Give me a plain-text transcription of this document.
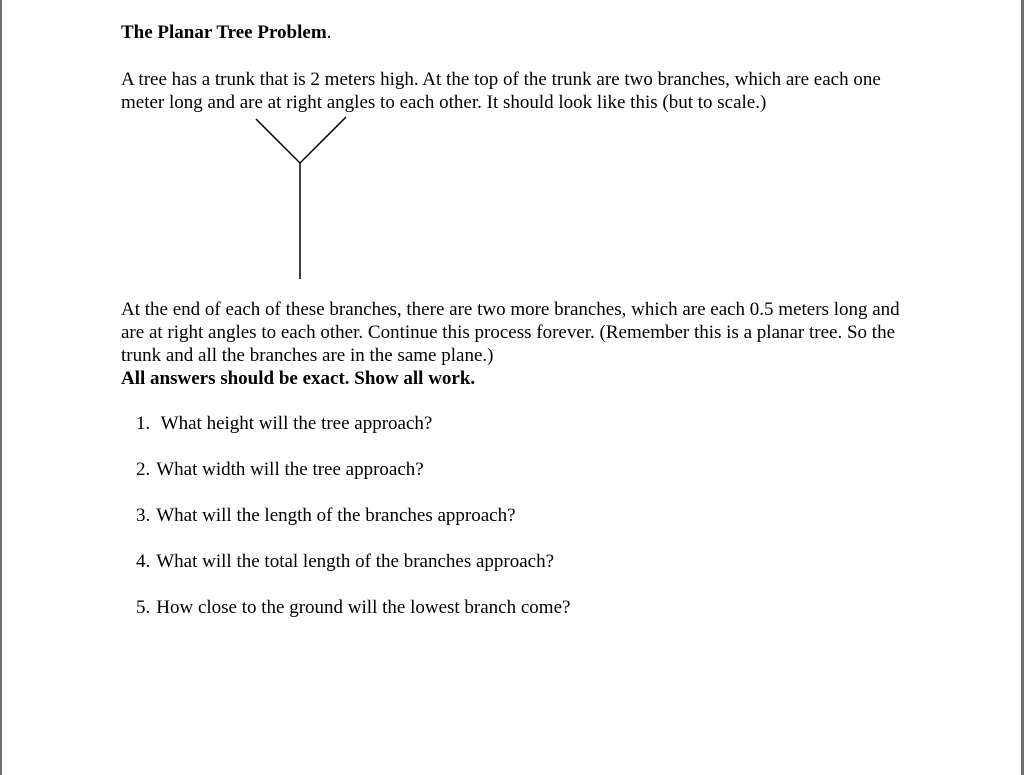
The Planar Tree Problem.

A tree has a trunk that is 2 meters high. At the top of the trunk are two branches, which are each one meter long and are at right angles to each other. It should look like this (but to scale.)

At the end of each of these branches, there are two more branches, which are each 0.5 meters long and are at right angles to each other. Continue this process forever. (Remember this is a planar tree. So the trunk and all the branches are in the same plane.)
All answers should be exact. Show all work.

1. What height will the tree approach?

2. What width will the tree approach?

3. What will the length of the branches approach?

4. What will the total length of the branches approach?

5. How close to the ground will the lowest branch come?
